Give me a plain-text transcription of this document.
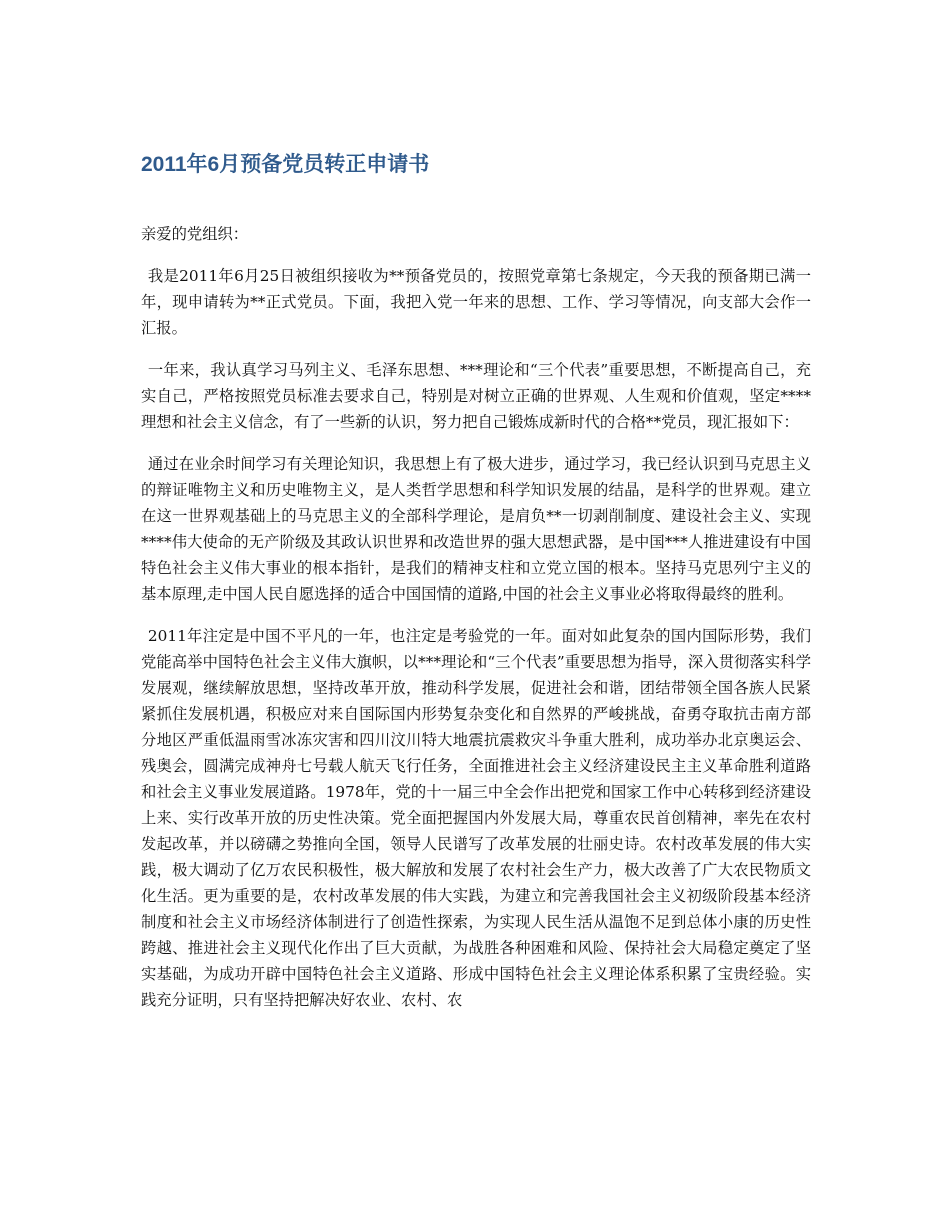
2011年6月预备党员转正申请书

亲爱的党组织：

我是2011年6月25日被组织接收为**预备党员的，按照党章第七条规定，今天我的预备期已满一年，现申请转为**正式党员。下面，我把入党一年来的思想、工作、学习等情况，向支部大会作一汇报。

一年来，我认真学习马列主义、毛泽东思想、***理论和“三个代表”重要思想，不断提高自己，充实自己，严格按照党员标准去要求自己，特别是对树立正确的世界观、人生观和价值观，坚定****理想和社会主义信念，有了一些新的认识，努力把自己锻炼成新时代的合格**党员，现汇报如下：

通过在业余时间学习有关理论知识，我思想上有了极大进步，通过学习，我已经认识到马克思主义的辩证唯物主义和历史唯物主义，是人类哲学思想和科学知识发展的结晶，是科学的世界观。建立在这一世界观基础上的马克思主义的全部科学理论，是肩负**一切剥削制度、建设社会主义、实现****伟大使命的无产阶级及其政认识世界和改造世界的强大思想武器，是中国***人推进建设有中国特色社会主义伟大事业的根本指针，是我们的精神支柱和立党立国的根本。坚持马克思列宁主义的基本原理,走中国人民自愿选择的适合中国国情的道路,中国的社会主义事业必将取得最终的胜利。

2011年注定是中国不平凡的一年，也注定是考验党的一年。面对如此复杂的国内国际形势，我们党能高举中国特色社会主义伟大旗帜，以***理论和“三个代表”重要思想为指导，深入贯彻落实科学发展观，继续解放思想，坚持改革开放，推动科学发展，促进社会和谐，团结带领全国各族人民紧紧抓住发展机遇，积极应对来自国际国内形势复杂变化和自然界的严峻挑战，奋勇夺取抗击南方部分地区严重低温雨雪冰冻灾害和四川汶川特大地震抗震救灾斗争重大胜利，成功举办北京奥运会、残奥会，圆满完成神舟七号载人航天飞行任务，全面推进社会主义经济建设民主主义革命胜利道路和社会主义事业发展道路。1978年，党的十一届三中全会作出把党和国家工作中心转移到经济建设上来、实行改革开放的历史性决策。党全面把握国内外发展大局，尊重农民首创精神，率先在农村发起改革，并以磅礴之势推向全国，领导人民谱写了改革发展的壮丽史诗。农村改革发展的伟大实践，极大调动了亿万农民积极性，极大解放和发展了农村社会生产力，极大改善了广大农民物质文化生活。更为重要的是，农村改革发展的伟大实践，为建立和完善我国社会主义初级阶段基本经济制度和社会主义市场经济体制进行了创造性探索，为实现人民生活从温饱不足到总体小康的历史性跨越、推进社会主义现代化作出了巨大贡献，为战胜各种困难和风险、保持社会大局稳定奠定了坚实基础，为成功开辟中国特色社会主义道路、形成中国特色社会主义理论体系积累了宝贵经验。实践充分证明，只有坚持把解决好农业、农村、农
